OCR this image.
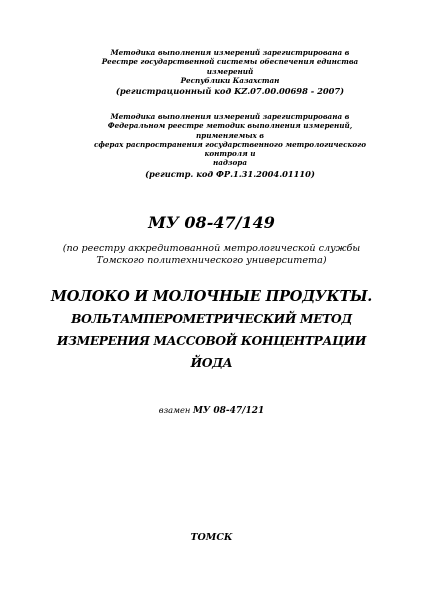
Методика выполнения измерений зарегистрирована в
Реестре государственной системы обеспечения единства измерений
Республики Казахстан
(регистрационный код KZ.07.00.00698 - 2007)
Методика выполнения измерений зарегистрирована в
Федеральном реестре методик выполнения измерений, применяемых в
сферах распространения государственного метрологического контроля и
надзора
(регистр. код ФР.1.31.2004.01110)
МУ 08-47/149
(по реестру аккредитованной метрологической службы
Томского политехнического университета)
МОЛОКО И МОЛОЧНЫЕ ПРОДУКТЫ.
ВОЛЬТАМПЕРОМЕТРИЧЕСКИЙ МЕТОД
ИЗМЕРЕНИЯ МАССОВОЙ КОНЦЕНТРАЦИИ
ЙОДА
взамен МУ 08-47/121
ТОМСК
